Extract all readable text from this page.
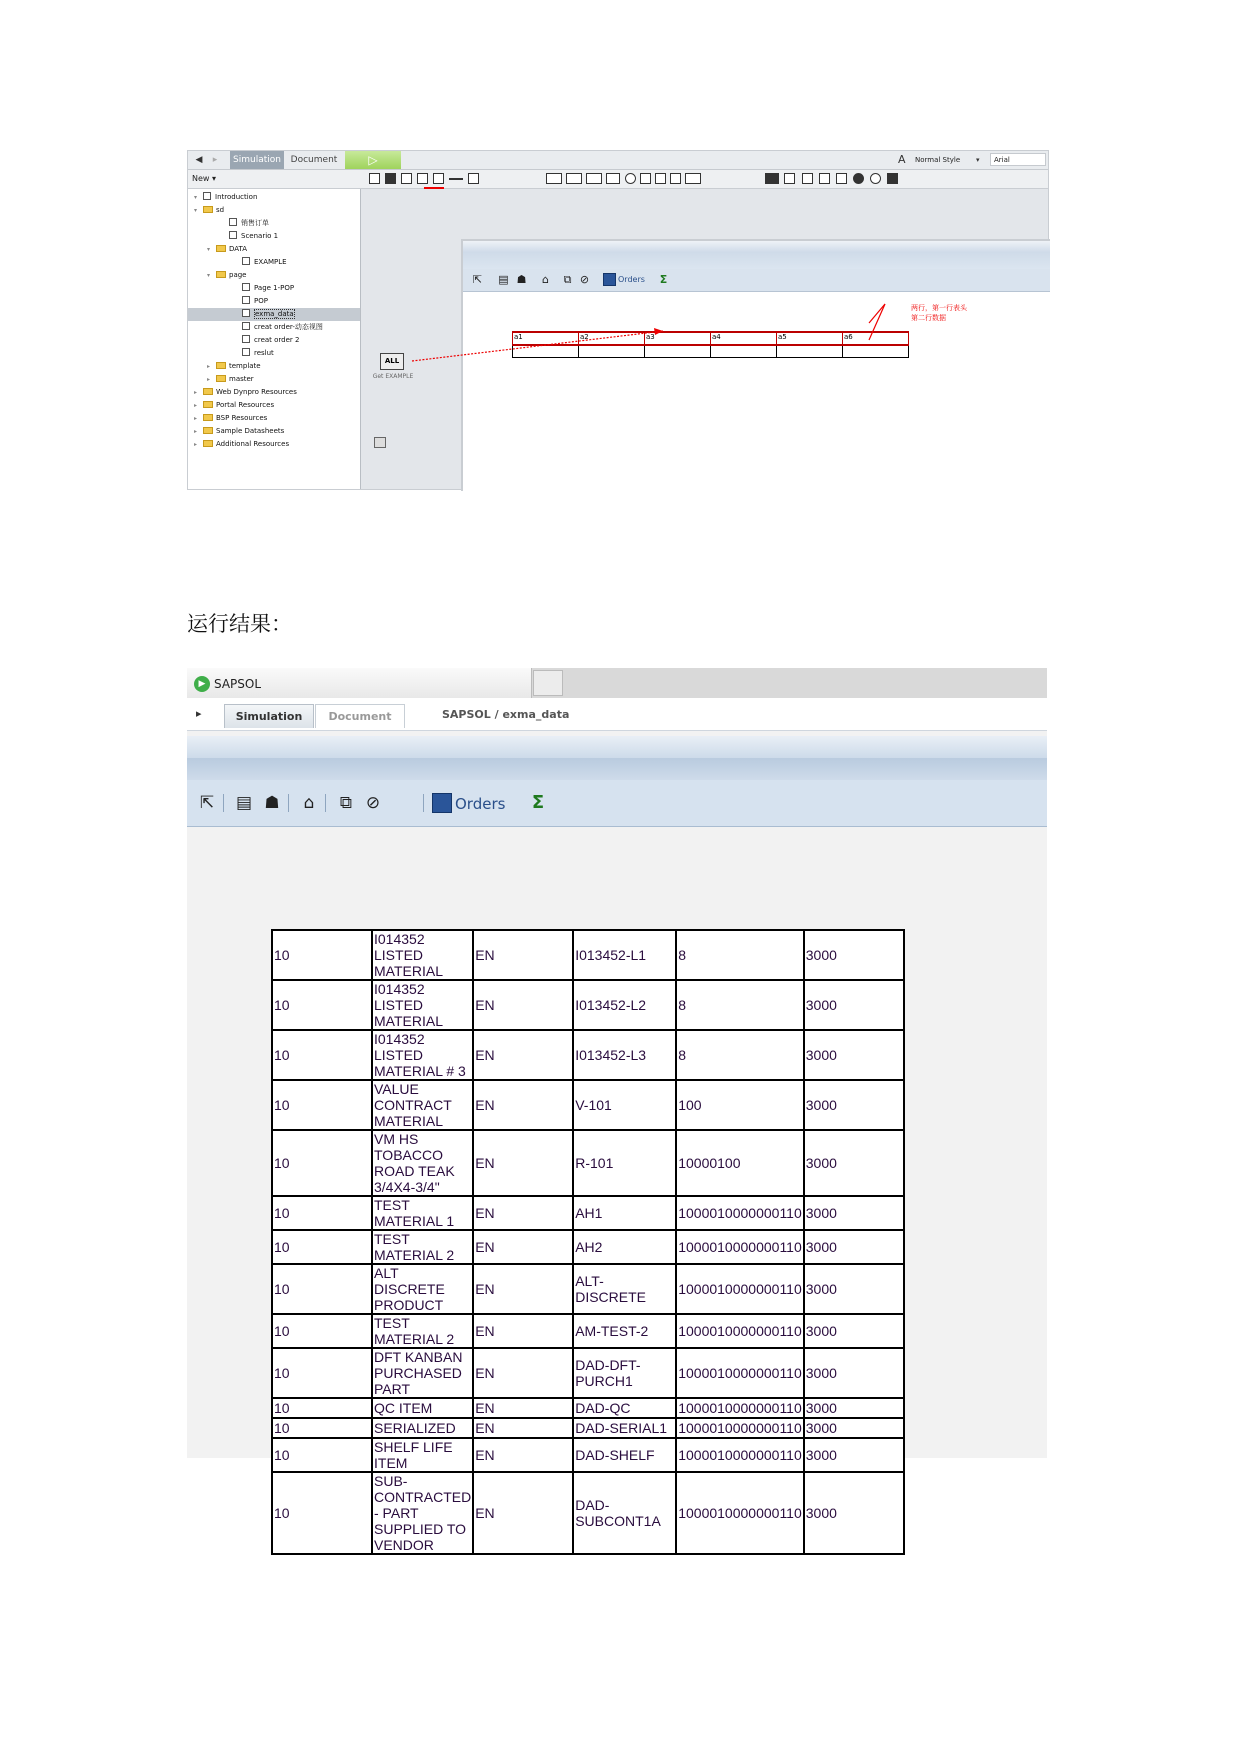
◀	▸	Simulation	Document	▷	A	Normal Style	▾	Arial
New ▾
▾	Introduction
▾	sd
销售订单
Scenario 1
▾	DATA
EXAMPLE
▾	page
Page 1-POP
POP
exma_data
creat order-动态视图
creat order 2
reslut
▸	template
▸	master
▸	Web Dynpro Resources
▸	Portal Resources
▸	BSP Resources
▸	Sample Datasheets
▸	Additional Resources
⇱ ▤ ☗ ⌂ ⧉ ⊘	Orders	Σ
两行，第一行表头
第二行数据
a1	a2	a3	a4	a5	a6

ALL
Get EXAMPLE
运行结果：
▶ SAPSOL
▸	Simulation	Document	SAPSOL / exma_data
⇱ ▤ ☗	⌂	⧉ ⊘	Orders Σ
10	I014352 LISTED MATERIAL	EN	I013452-L1	8	3000
10	I014352 LISTED MATERIAL	EN	I013452-L2	8	3000
10	I014352 LISTED MATERIAL # 3	EN	I013452-L3	8	3000
10	VALUE CONTRACT MATERIAL	EN	V-101	100	3000
10	VM HS TOBACCO ROAD TEAK 3/4X4-3/4"	EN	R-101	10000100	3000
10	TEST MATERIAL 1	EN	AH1	1000010000000110	3000
10	TEST MATERIAL 2	EN	AH2	1000010000000110	3000
10	ALT DISCRETE PRODUCT	EN	ALT-DISCRETE	1000010000000110	3000
10	TEST MATERIAL 2	EN	AM-TEST-2	1000010000000110	3000
10	DFT KANBAN PURCHASED PART	EN	DAD-DFT-PURCH1	1000010000000110	3000
10	QC ITEM	EN	DAD-QC	1000010000000110	3000
10	SERIALIZED	EN	DAD-SERIAL1	1000010000000110	3000
10	SHELF LIFE ITEM	EN	DAD-SHELF	1000010000000110	3000
10	SUB-CONTRACTED - PART SUPPLIED TO VENDOR	EN	DAD-SUBCONT1A	1000010000000110	3000
